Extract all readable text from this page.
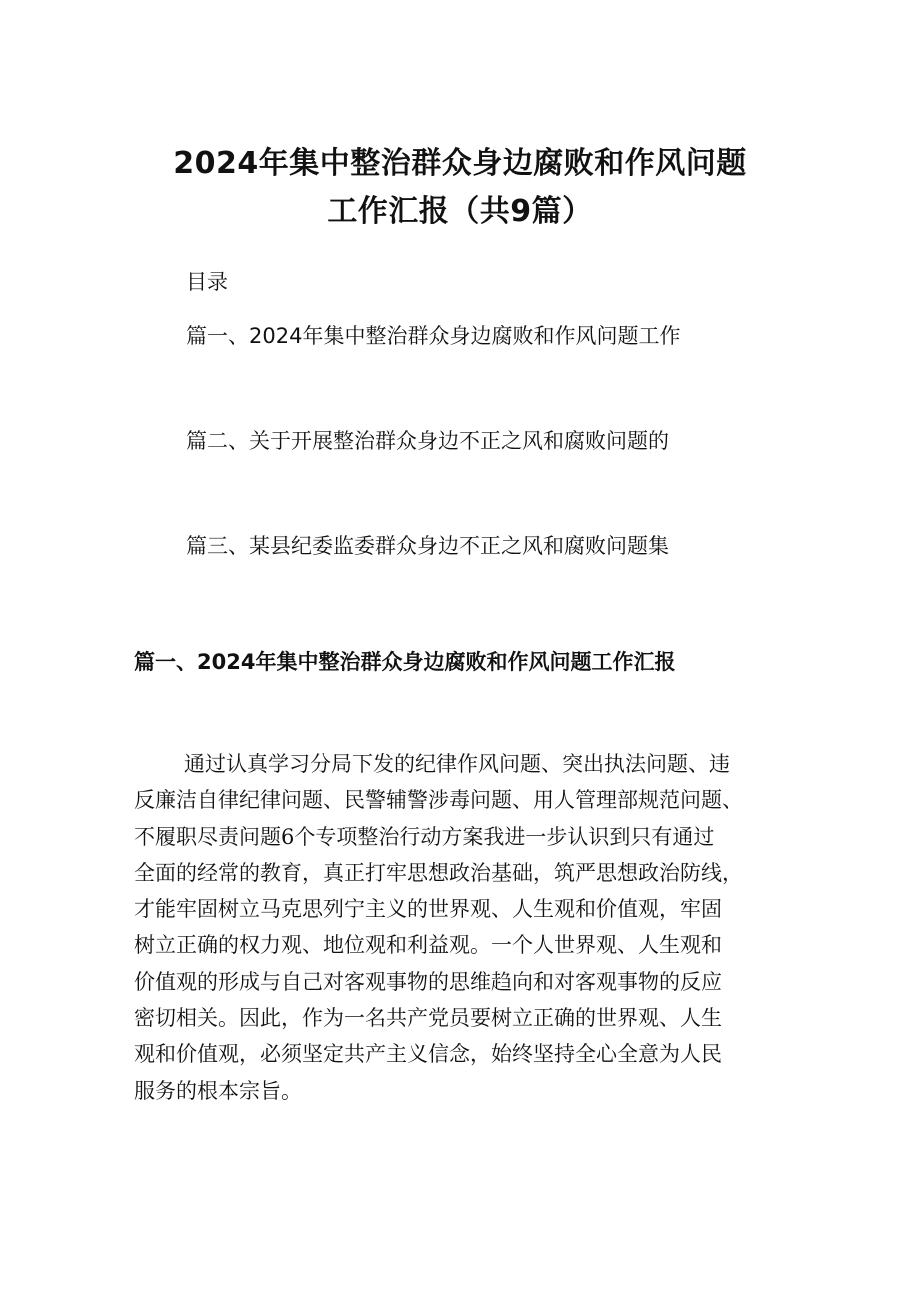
2024年集中整治群众身边腐败和作风问题
工作汇报（共9篇）
目录
篇一、2024年集中整治群众身边腐败和作风问题工作
篇二、关于开展整治群众身边不正之风和腐败问题的
篇三、某县纪委监委群众身边不正之风和腐败问题集
篇一、2024年集中整治群众身边腐败和作风问题工作汇报
通过认真学习分局下发的纪律作风问题、突出执法问题、违
反廉洁自律纪律问题、民警辅警涉毒问题、用人管理部规范问题、
不履职尽责问题6个专项整治行动方案我进一步认识到只有通过
全面的经常的教育，真正打牢思想政治基础，筑严思想政治防线，
才能牢固树立马克思列宁主义的世界观、人生观和价值观，牢固
树立正确的权力观、地位观和利益观。一个人世界观、人生观和
价值观的形成与自己对客观事物的思维趋向和对客观事物的反应
密切相关。因此，作为一名共产党员要树立正确的世界观、人生
观和价值观，必须坚定共产主义信念，始终坚持全心全意为人民
服务的根本宗旨。
